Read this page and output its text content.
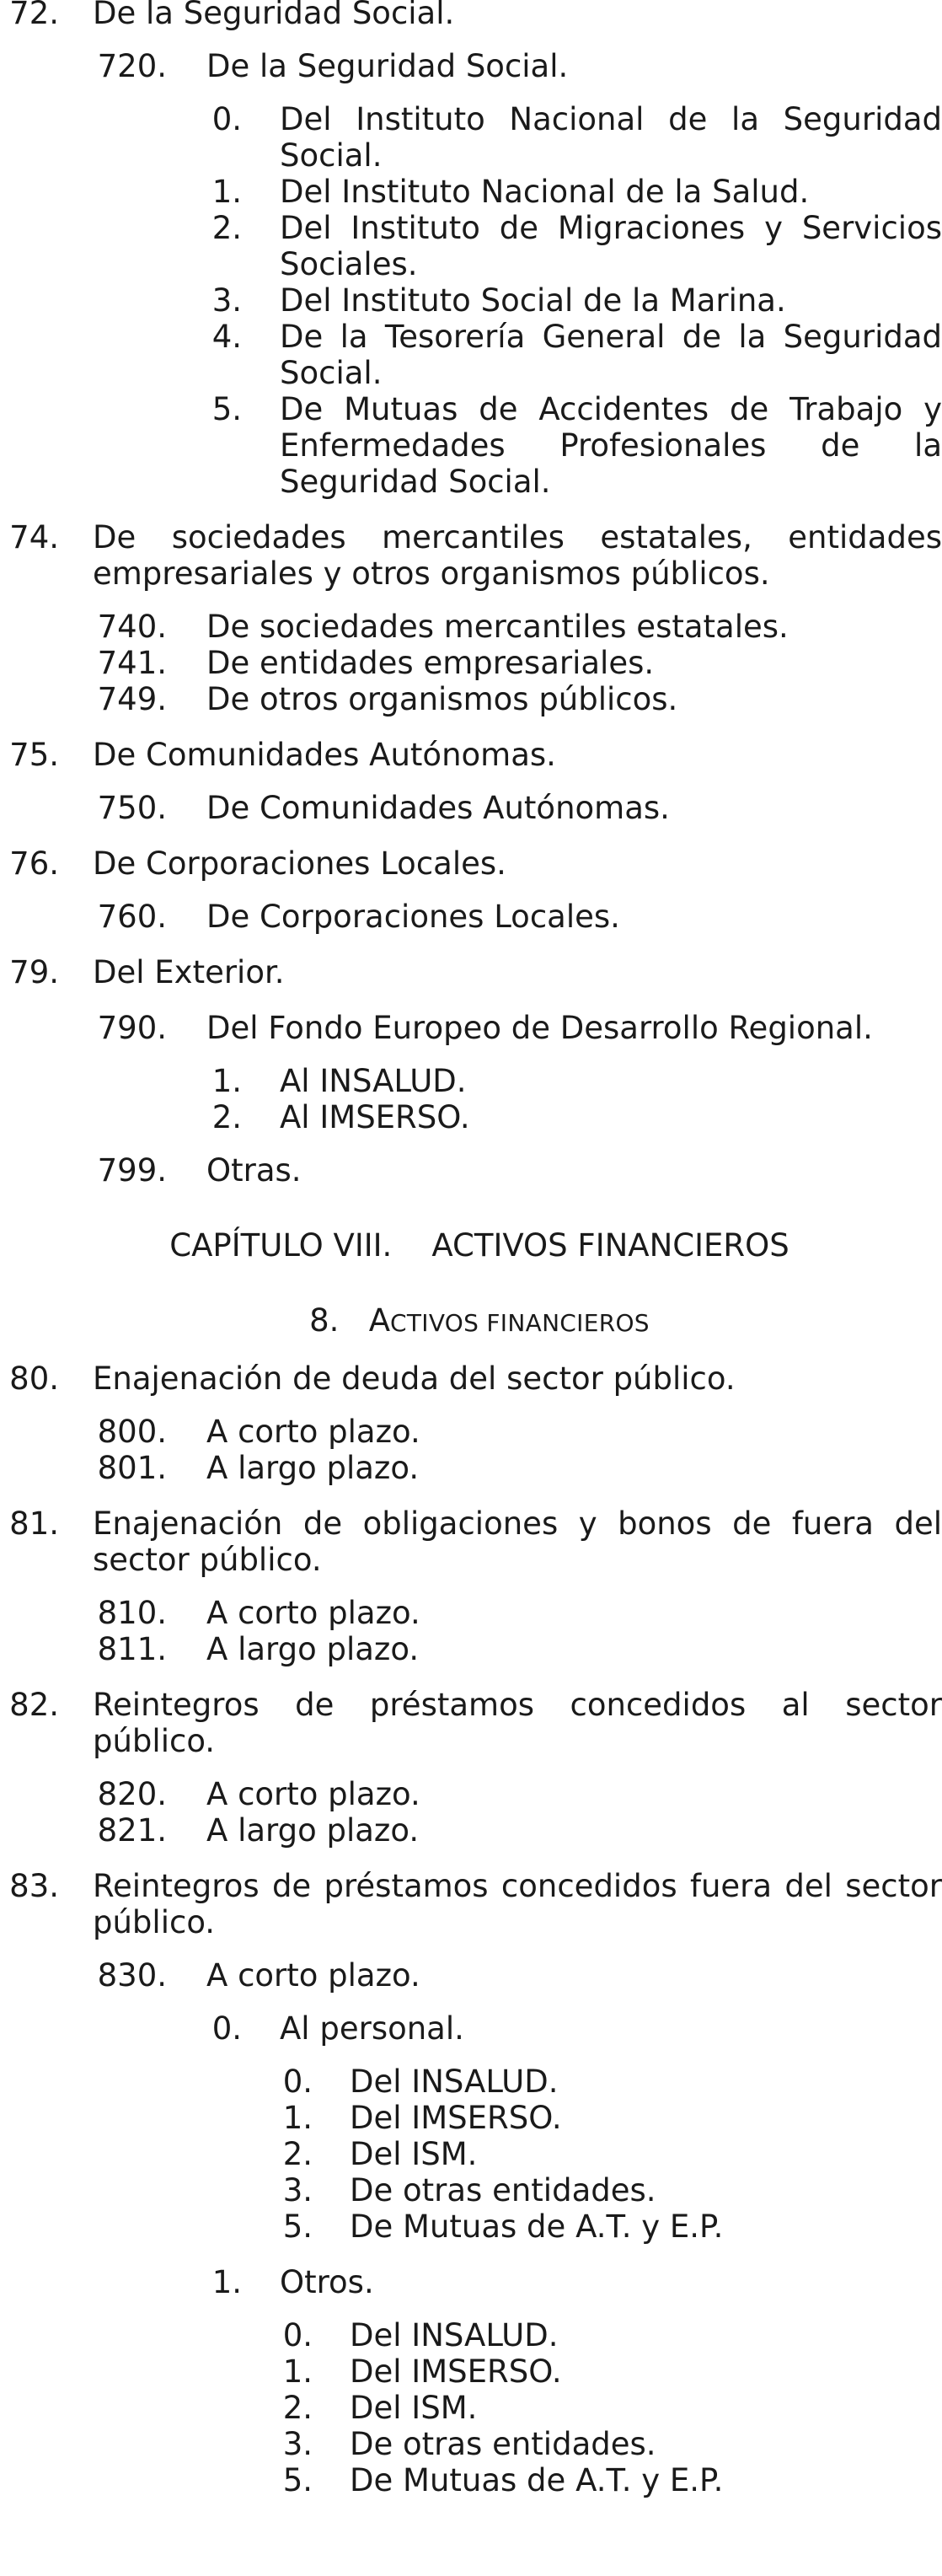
72. De la Seguridad Social.
720. De la Seguridad Social.
0. Del Instituto Nacional de la Seguridad Social.
1. Del Instituto Nacional de la Salud.
2. Del Instituto de Migraciones y Servicios Sociales.
3. Del Instituto Social de la Marina.
4. De la Tesorería General de la Seguridad Social.
5. De Mutuas de Accidentes de Trabajo y Enfermedades Profesionales de la Seguridad Social.
74. De sociedades mercantiles estatales, entidades empresariales y otros organismos públicos.
740. De sociedades mercantiles estatales.
741. De entidades empresariales.
749. De otros organismos públicos.
75. De Comunidades Autónomas.
750. De Comunidades Autónomas.
76. De Corporaciones Locales.
760. De Corporaciones Locales.
79. Del Exterior.
790. Del Fondo Europeo de Desarrollo Regional.
1. Al INSALUD.
2. Al IMSERSO.
799. Otras.
CAPÍTULO VIII.    ACTIVOS FINANCIEROS
8. ACTIVOS FINANCIEROS
80. Enajenación de deuda del sector público.
800. A corto plazo.
801. A largo plazo.
81. Enajenación de obligaciones y bonos de fuera del sector público.
810. A corto plazo.
811. A largo plazo.
82. Reintegros de préstamos concedidos al sector público.
820. A corto plazo.
821. A largo plazo.
83. Reintegros de préstamos concedidos fuera del sector público.
830. A corto plazo.
0. Al personal.
0. Del INSALUD.
1. Del IMSERSO.
2. Del ISM.
3. De otras entidades.
5. De Mutuas de A.T. y E.P.
1. Otros.
0. Del INSALUD.
1. Del IMSERSO.
2. Del ISM.
3. De otras entidades.
5. De Mutuas de A.T. y E.P.
